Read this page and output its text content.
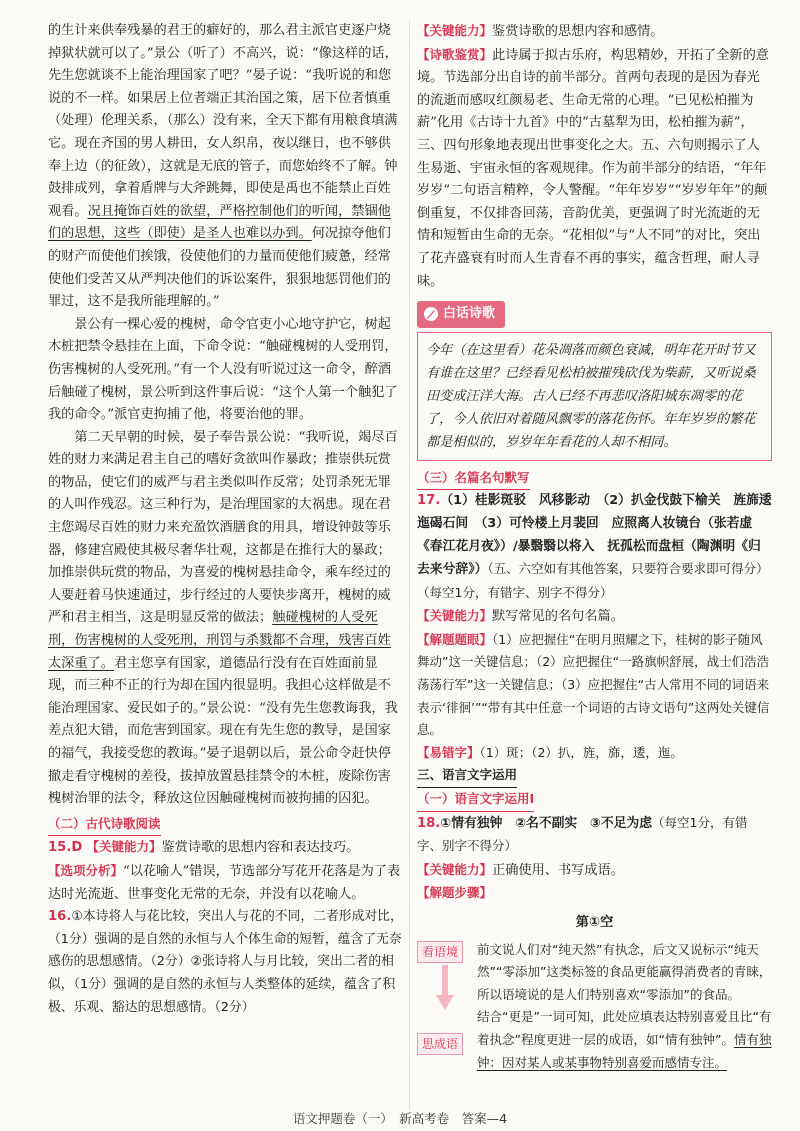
的生计来供奉残暴的君王的癖好的，那么君主派官吏逐户烧掉狱状就可以了。”景公（听了）不高兴，说：“像这样的话，先生您就谈不上能治理国家了吧？”晏子说：“我听说的和您说的不一样。如果居上位者端正其治国之策，居下位者慎重（处理）伦理关系，（那么）没有来，全天下都有用粮食填满它。现在齐国的男人耕田，女人织帛，夜以继日，也不够供奉上边（的征敛），这就是无底的管子，而您始终不了解。钟鼓排成列，拿着盾牌与大斧跳舞，即使是禹也不能禁止百姓观看。况且掩饰百姓的欲望，严格控制他们的听闻，禁锢他们的思想，这些（即使）是圣人也难以办到。何况掠夺他们的财产而使他们挨饿，役使他们的力量而使他们疲惫，经常使他们受苦又从严判决他们的诉讼案件，狠狠地惩罚他们的罪过，这不是我所能理解的。”

景公有一棵心爱的槐树，命令官吏小心地守护它，树起木桩把禁令悬挂在上面，下命令说：“触碰槐树的人受刑罚，伤害槐树的人受死刑。”有一个人没有听说过这一命令，醉酒后触碰了槐树，景公听到这件事后说：“这个人第一个触犯了我的命令。”派官吏拘捕了他，将要治他的罪。

第二天早朝的时候，晏子奉告景公说：“我听说，竭尽百姓的财力来满足君主自己的嗜好贪欲叫作暴政；推崇供玩赏的物品，使它们的威严与君主类似叫作反常；处罚杀死无罪的人叫作残忍。这三种行为，是治理国家的大祸患。现在君主您竭尽百姓的财力来充盈饮酒膳食的用具，增设钟鼓等乐器，修建宫殿使其极尽奢华壮观，这都是在推行大的暴政；加推崇供玩赏的物品，为喜爱的槐树悬挂命令，乘车经过的人要赶着马快速通过，步行经过的人要快步离开，槐树的威严和君主相当，这是明显反常的做法；触碰槐树的人受死刑，伤害槐树的人受死刑，刑罚与杀戮都不合理，残害百姓太深重了。君主您享有国家，道德品行没有在百姓面前显现，而三种不正的行为却在国内很显明。我担心这样做是不能治理国家、爱民如子的。”景公说：“没有先生您教诲我，我差点犯大错，而危害到国家。现在有先生您的教导，是国家的福气，我接受您的教诲。”晏子退朝以后，景公命令赶快停撤走看守槐树的差役，拔掉放置悬挂禁令的木桩，废除伤害槐树治罪的法令，释放这位因触碰槐树而被拘捕的囚犯。

（二）古代诗歌阅读

15.D 【关键能力】鉴赏诗歌的思想内容和表达技巧。

【选项分析】“以花喻人”错误，节选部分写花开花落是为了表达时光流逝、世事变化无常的无奈，并没有以花喻人。

16.①本诗将人与花比较，突出人与花的不同，二者形成对比，（1分）强调的是自然的永恒与人个体生命的短暂，蕴含了无奈感伤的思想感情。（2分）②张诗将人与月比较，突出二者的相似，（1分）强调的是自然的永恒与人类整体的延续，蕴含了积极、乐观、豁达的思想感情。（2分）

【关键能力】鉴赏诗歌的思想内容和感情。

【诗歌鉴赏】此诗属于拟古乐府，构思精妙，开拓了全新的意境。节选部分出自诗的前半部分。首两句表现的是因为春光的流逝而感叹红颜易老、生命无常的心理。“已见松柏摧为薪”化用《古诗十九首》中的“古墓犁为田，松柏摧为薪”，三、四句形象地表现出世事变化之大。五、六句则揭示了人生易逝、宇宙永恒的客观规律。作为前半部分的结语，“年年岁岁”二句语言精粹，令人警醒。“年年岁岁”“岁岁年年”的颠倒重复，不仅排沓回荡，音韵优美，更强调了时光流逝的无情和短暂由生命的无奈。“花相似”与“人不同”的对比，突出了花卉盛衰有时而人生青春不再的事实，蕴含哲理，耐人寻味。

白话诗歌
今年（在这里看）花朵凋落而颜色衰减，明年花开时节又有谁在这里？已经看见松柏被摧残砍伐为柴薪，又听说桑田变成汪洋大海。古人已经不再悲叹洛阳城东凋零的花了，今人依旧对着随风飘零的落花伤怀。年年岁岁的繁花都是相似的，岁岁年年看花的人却不相同。

（三）名篇名句默写

17.（1）桂影斑驳　风移影动　（2）扒金伐鼓下榆关　旌旆逶迤碣石间　（3）可怜楼上月裴回　应照离人妆镜台（张若虚《春江花月夜》）/暴翳翳以将入　抚孤松而盘桓（陶渊明《归去来兮辞》）（五、六空如有其他答案，只要符合要求即可得分）（每空1分，有错字、别字不得分）

【关键能力】默写常见的名句名篇。

【解题题眼】（1）应把握住“在明月照耀之下，桂树的影子随风舞动”这一关键信息；（2）应把握住“一路旗帜舒展，战士们浩浩荡荡行军”这一关键信息；（3）应把握住“古人常用不同的词语来表示‘徘徊’”“带有其中任意一个词语的古诗文语句”这两处关键信息。

【易错字】（1）斑；（2）扒，旌，旆，逶，迤。

三、语言文字运用

（一）语言文字运用Ⅰ

18.①情有独钟　②名不副实　③不足为虑（每空1分，有错字、别字不得分）

【关键能力】正确使用、书写成语。

【解题步骤】

第①空

看语境	前文说人们对“纯天然”有执念，后文又说标示“纯天然”“零添加”这类标签的食品更能赢得消费者的青睐，所以语境说的是人们特别喜欢“零添加”的食品。

思成语

结合“更是”一词可知，此处应填表达特别喜爱且比“有着执念”程度更进一层的成语，如“情有独钟”。情有独钟：因对某人或某事物特别喜爱而感情专注。

语文押题卷（一）　新高考卷　答案—4
